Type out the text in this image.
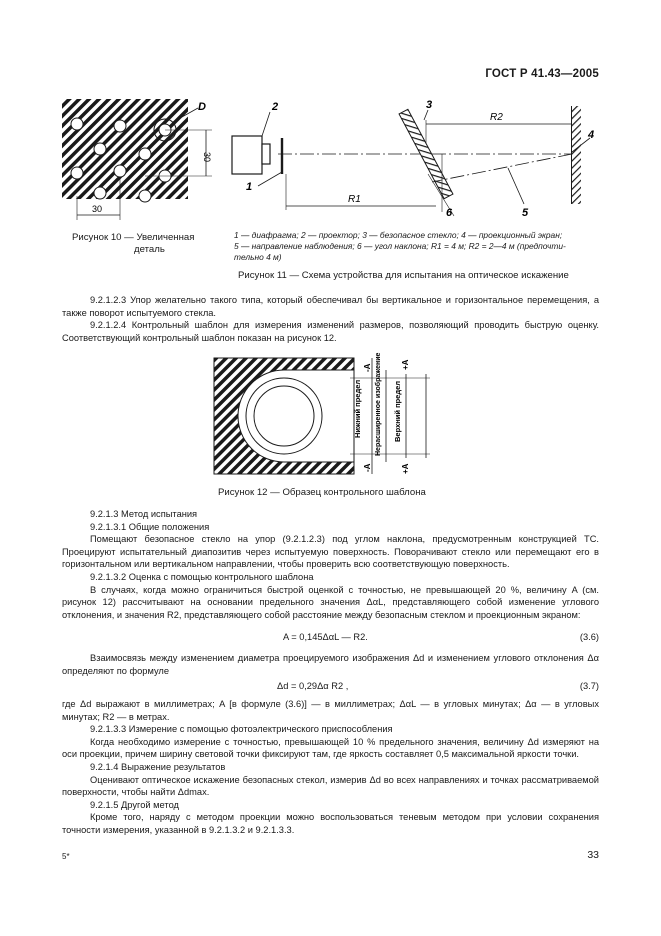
ГОСТ Р 41.43—2005
D
30
30
Рисунок 10 — Увеличенная
деталь
2
1
3
6
R1
R2
4
5
1 — диафрагма; 2 — проектор; 3 — безопасное стекло; 4 — проекционный экран;
5 — направление наблюдения; 6 — угол наклона; R1 = 4 м; R2 = 2—4 м (предпочти-
тельно 4 м)
Рисунок 11 — Схема устройства для испытания на оптическое искажение

9.2.1.2.3 Упор желательно такого типа, который обеспечивал бы вертикальное и горизонтальное перемещения, а также поворот испытуемого стекла.

9.2.1.2.4 Контрольный шаблон для измерения изменений размеров, позволяющий проводить быструю оценку. Соответствующий контрольный шаблон показан на рисунок 12.

Нижний предел Нерасширенное изображение Верхний предел
-A
-A
+A
+A
Рисунок 12 — Образец контрольного шаблона

9.2.1.3 Метод испытания

9.2.1.3.1 Общие положения

Помещают безопасное стекло на упор (9.2.1.2.3) под углом наклона, предусмотренным конструкцией ТС. Проецируют испытательный диапозитив через испытуемую поверхность. Поворачивают стекло или перемещают его в горизонтальном или вертикальном направлении, чтобы проверить всю соответствующую поверхность.

9.2.1.3.2 Оценка с помощью контрольного шаблона

В случаях, когда можно ограничиться быстрой оценкой с точностью, не превышающей 20 %, величину A (см. рисунок 12) рассчитывают на основании предельного значения ΔαL, представляющего собой изменение углового отклонения, и значения R2, представляющего собой расстояние между безопасным стеклом и проекционным экраном:

A = 0,145ΔαL — R2.	(3.6)

Взаимосвязь между изменением диаметра проецируемого изображения Δd и изменением углового отклонения Δα определяют по формуле

Δd = 0,29Δα R2 ,	(3.7)

где Δd выражают в миллиметрах; A [в формуле (3.6)] — в миллиметрах; ΔαL — в угловых минутах; Δα — в угловых минутах; R2 — в метрах.

9.2.1.3.3 Измерение с помощью фотоэлектрического приспособления

Когда необходимо измерение с точностью, превышающей 10 % предельного значения, величину Δd измеряют на оси проекции, причем ширину световой точки фиксируют там, где яркость составляет 0,5 максимальной яркости точки.

9.2.1.4 Выражение результатов

Оценивают оптическое искажение безопасных стекол, измерив Δd во всех направлениях и точках рассматриваемой поверхности, чтобы найти Δdmax.

9.2.1.5 Другой метод

Кроме того, наряду с методом проекции можно воспользоваться теневым методом при условии сохранения точности измерения, указанной в 9.2.1.3.2 и 9.2.1.3.3.

5*	33
